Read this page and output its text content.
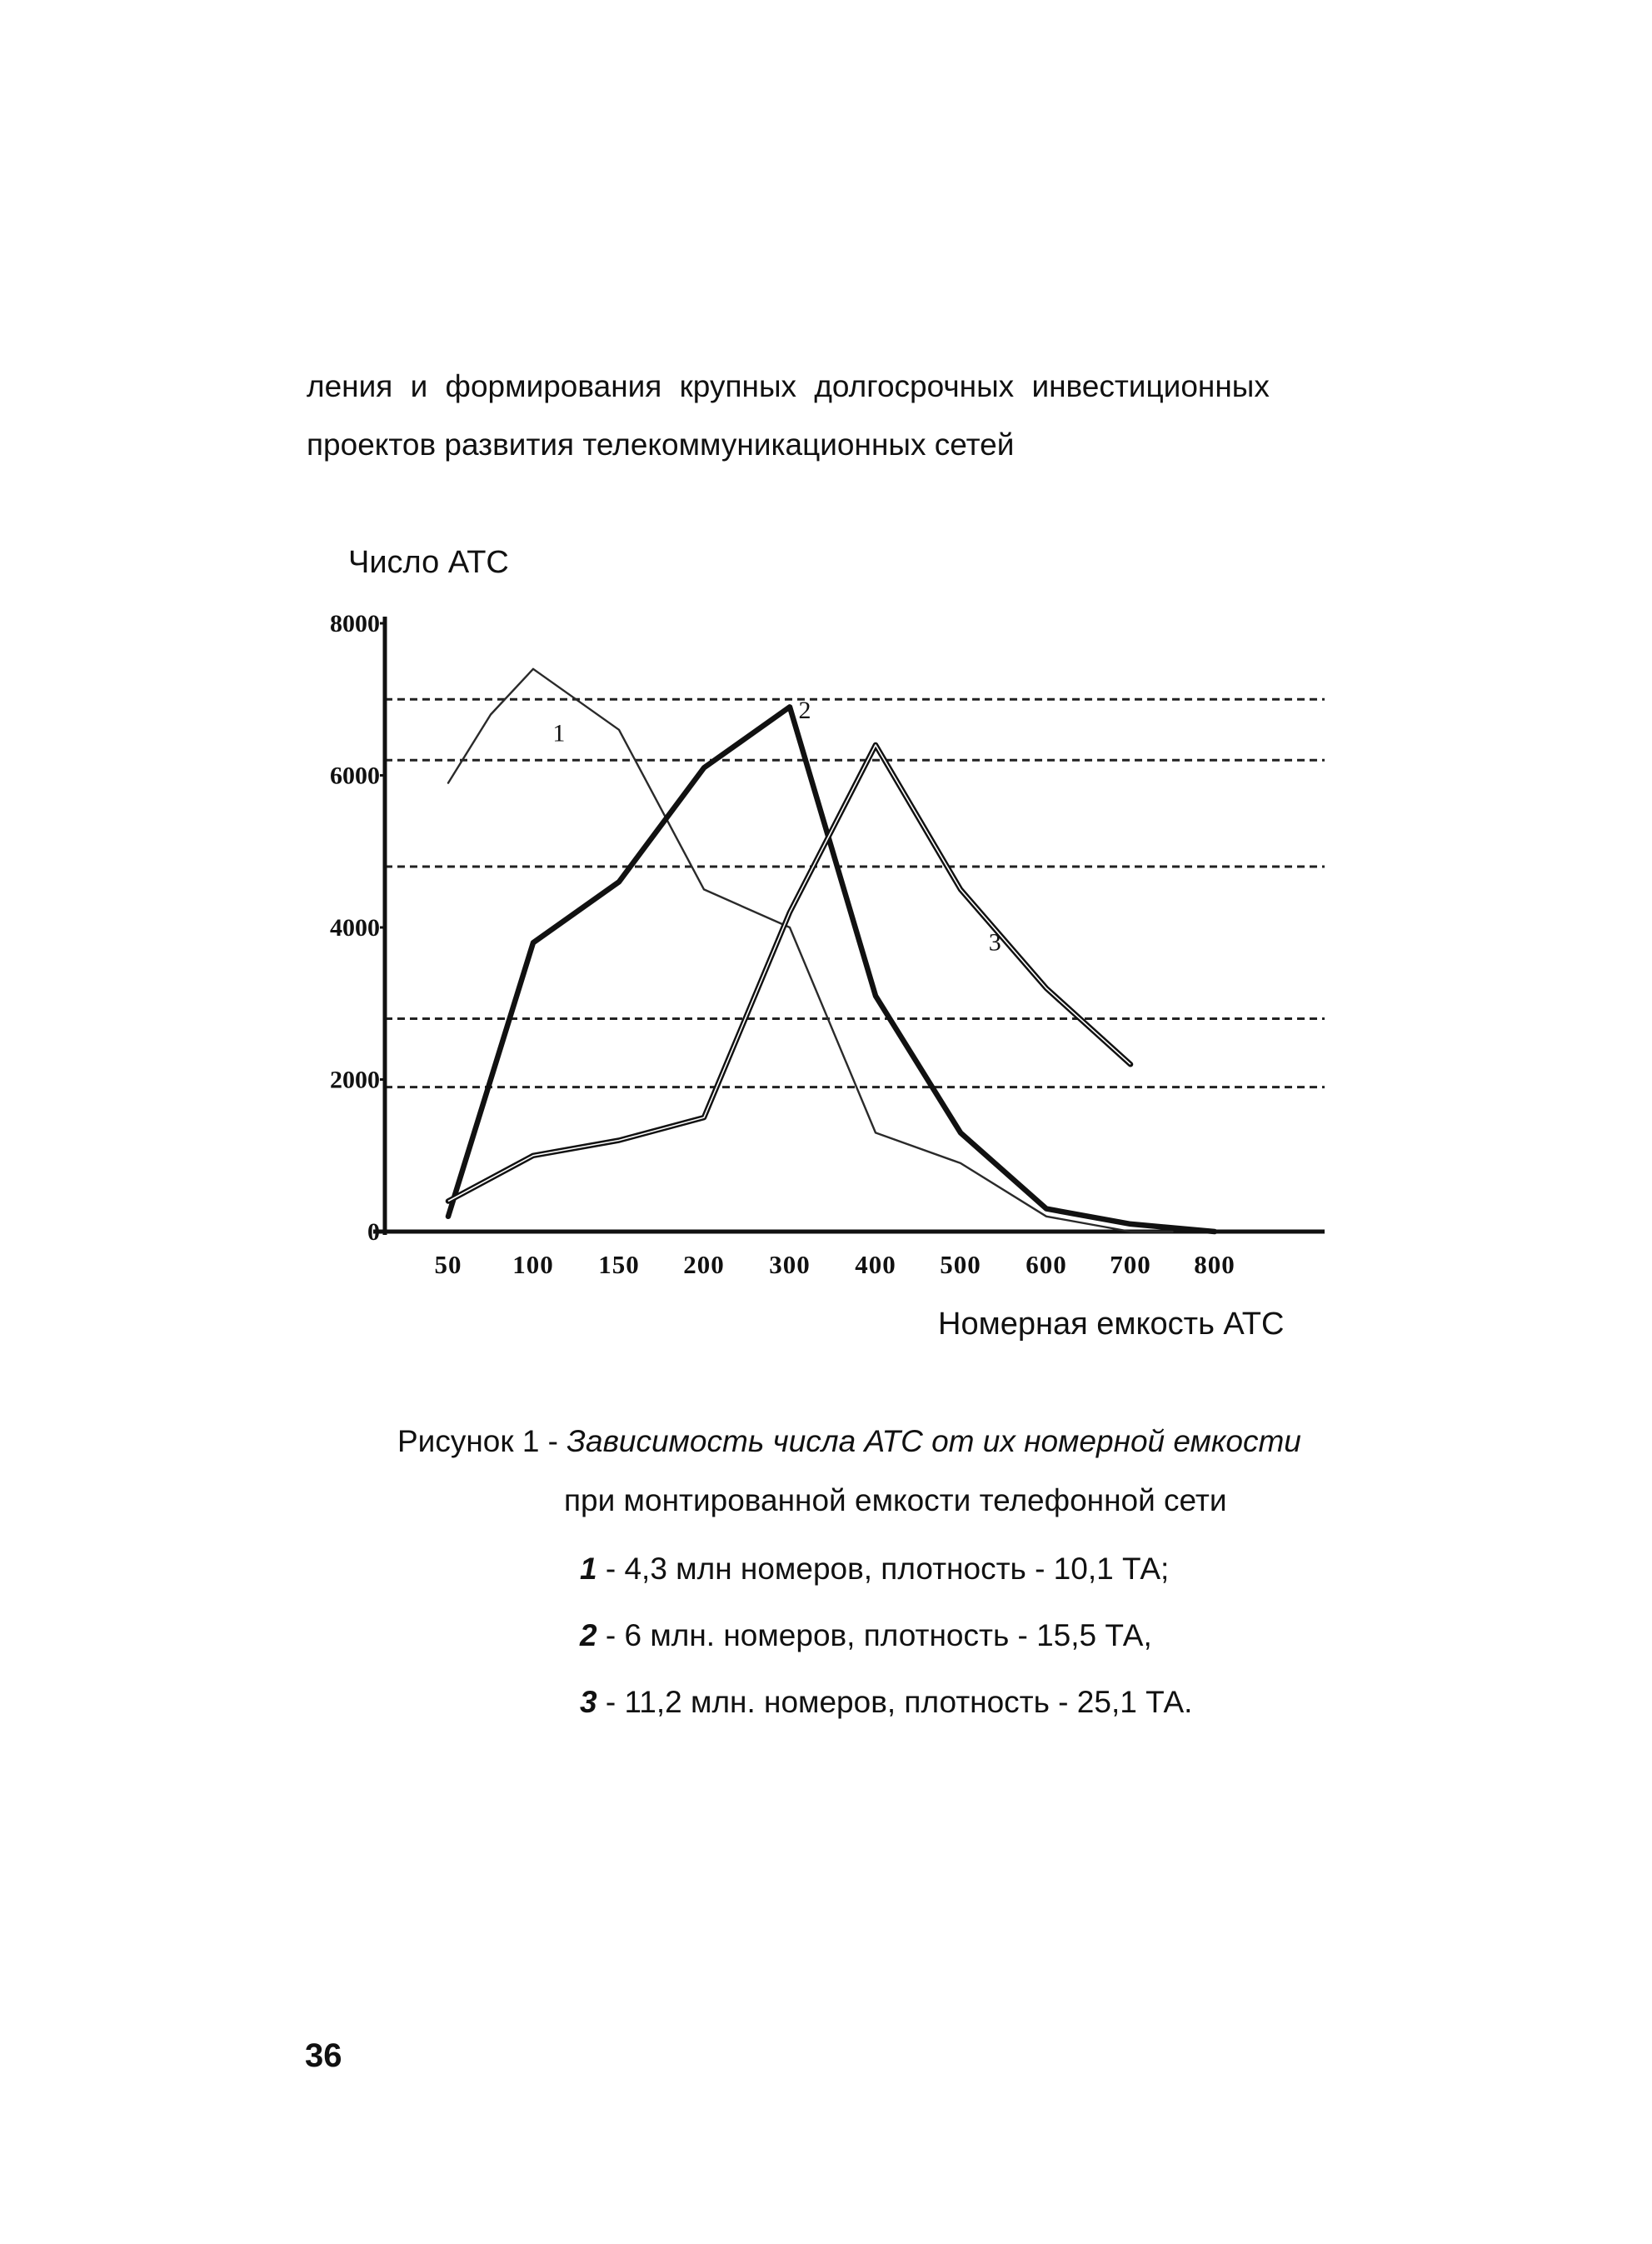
ления и формирования крупных долгосрочных инвестиционных
проектов развития телекоммуникационных сетей
Число АТС
0
2000
4000
6000
8000
50 100 150 200 300 400 500 600 700 800
1
2
3
Номерная емкость АТС
Рисунок 1 - Зависимость числа АТС от их номерной емкости
при монтированной емкости телефонной сети
1 - 4,3 млн номеров, плотность - 10,1 ТА;
2 - 6 млн. номеров, плотность - 15,5 ТА,
3 - 11,2 млн. номеров, плотность - 25,1 ТА.
36
